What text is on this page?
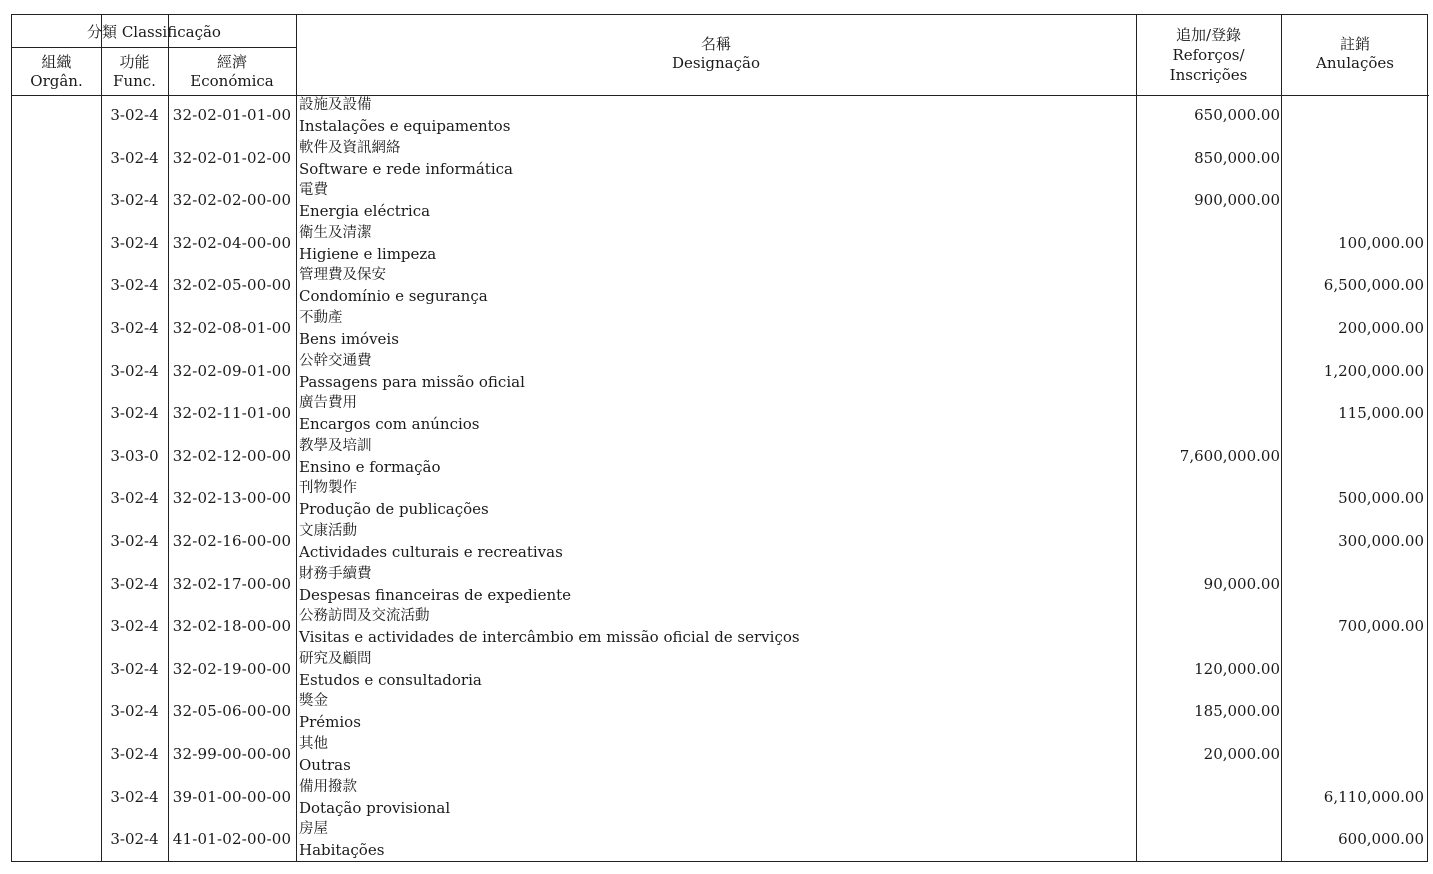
分類 Classificação
組織
Orgân.
功能
Func.
經濟
Económica
名稱
Designação
追加/登錄
Reforços/
Inscrições
註銷
Anulações
3-02-4 32-02-01-01-00
設施及設備
Instalações e equipamentos
650,000.00
3-02-4 32-02-01-02-00
軟件及資訊網絡
Software e rede informática
850,000.00
3-02-4 32-02-02-00-00
電費
Energia eléctrica
900,000.00
3-02-4 32-02-04-00-00
衛生及清潔
Higiene e limpeza
100,000.00
3-02-4 32-02-05-00-00
管理費及保安
Condomínio e segurança
6,500,000.00
3-02-4 32-02-08-01-00
不動產
Bens imóveis
200,000.00
3-02-4 32-02-09-01-00
公幹交通費
Passagens para missão oficial
1,200,000.00
3-02-4 32-02-11-01-00
廣告費用
Encargos com anúncios
115,000.00
3-03-0 32-02-12-00-00
教學及培訓
Ensino e formação
7,600,000.00
3-02-4 32-02-13-00-00
刊物製作
Produção de publicações
500,000.00
3-02-4 32-02-16-00-00
文康活動
Actividades culturais e recreativas
300,000.00
3-02-4 32-02-17-00-00
財務手續費
Despesas financeiras de expediente
90,000.00
3-02-4 32-02-18-00-00
公務訪問及交流活動
Visitas e actividades de intercâmbio em missão oficial de serviços
700,000.00
3-02-4 32-02-19-00-00
研究及顧問
Estudos e consultadoria
120,000.00
3-02-4 32-05-06-00-00
獎金
Prémios
185,000.00
3-02-4 32-99-00-00-00
其他
Outras
20,000.00
3-02-4 39-01-00-00-00
備用撥款
Dotação provisional
6,110,000.00
3-02-4 41-01-02-00-00
房屋
Habitações
600,000.00
